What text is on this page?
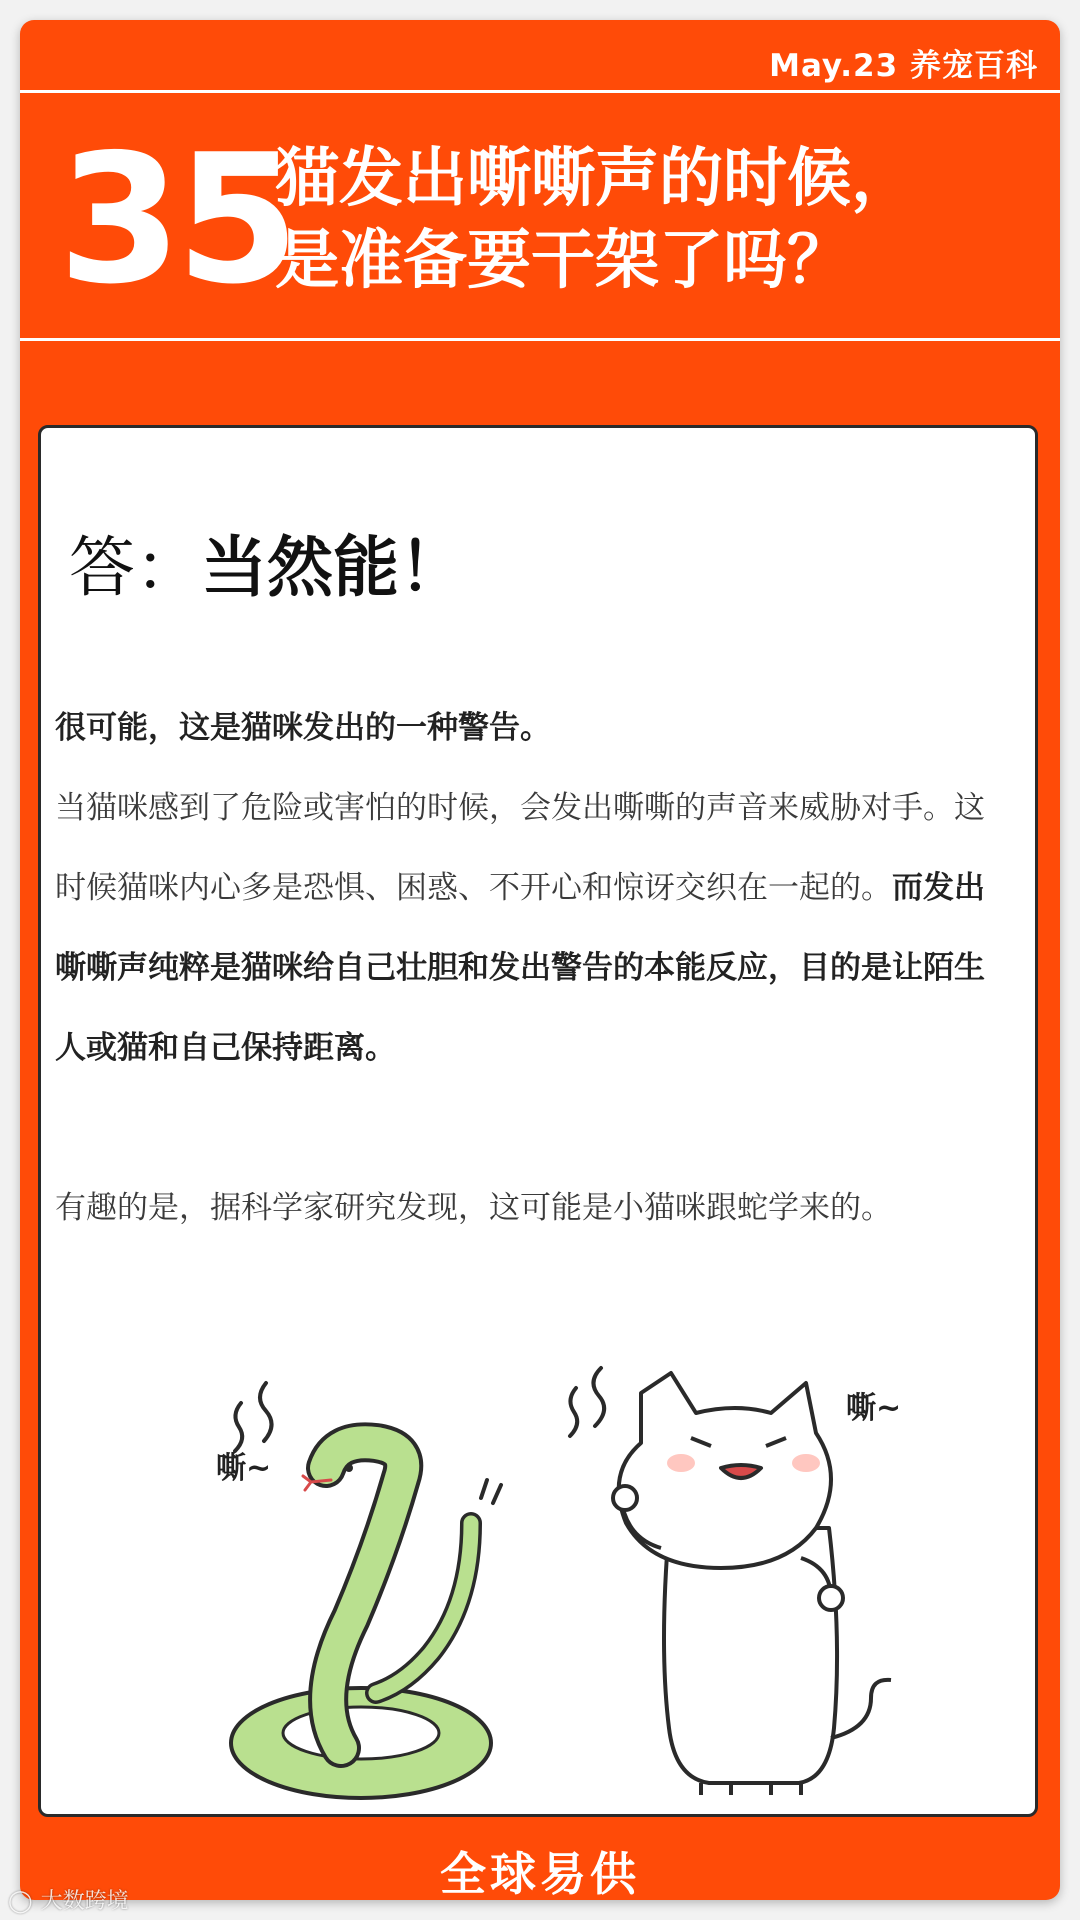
May.23 养宠百科
35
猫发出嘶嘶声的时候，
是准备要干架了吗？
答：当然能！

很可能，这是猫咪发出的一种警告。

当猫咪感到了危险或害怕的时候，会发出嘶嘶的声音来威胁对手。这时候猫咪内心多是恐惧、困惑、不开心和惊讶交织在一起的。而发出嘶嘶声纯粹是猫咪给自己壮胆和发出警告的本能反应，目的是让陌生人或猫和自己保持距离。

有趣的是，据科学家研究发现，这可能是小猫咪跟蛇学来的。

嘶~
嘶~
全球易供
◯ 大数跨境
